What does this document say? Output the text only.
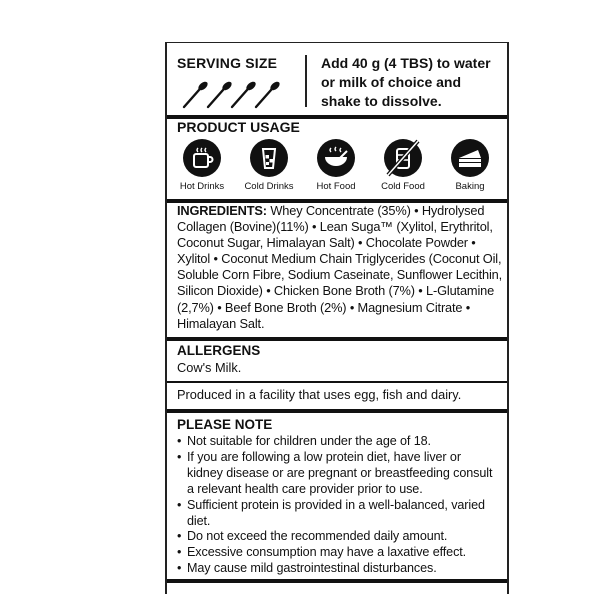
SERVING SIZE	Add 40 g (4 TBS) to water or milk of choice and shake to dissolve.
PRODUCT USAGE
Hot Drinks Cold Drinks Hot Food	Cold Food	Baking
INGREDIENTS: Whey Concentrate (35%) • Hydrolysed Collagen (Bovine)(11%) • Lean Suga™ (Xylitol, Erythritol, Coconut Sugar, Himalayan Salt) • Chocolate Powder • Xylitol • Coconut Medium Chain Triglycerides (Coconut Oil, Soluble Corn Fibre, Sodium Caseinate, Sunflower Lecithin, Silicon Dioxide) • Chicken Bone Broth (7%) • L-Glutamine (2,7%) • Beef Bone Broth (2%) • Magnesium Citrate • Himalayan Salt.
ALLERGENS
Cow's Milk.
Produced in a facility that uses egg, fish and dairy.
PLEASE NOTE
• Not suitable for children under the age of 18.
• If you are following a low protein diet, have liver or kidney disease or are pregnant or breastfeeding consult a relevant health care provider prior to use.
• Sufficient protein is provided in a well-balanced, varied diet.
• Do not exceed the recommended daily amount.
• Excessive consumption may have a laxative effect.
• May cause mild gastrointestinal disturbances.
